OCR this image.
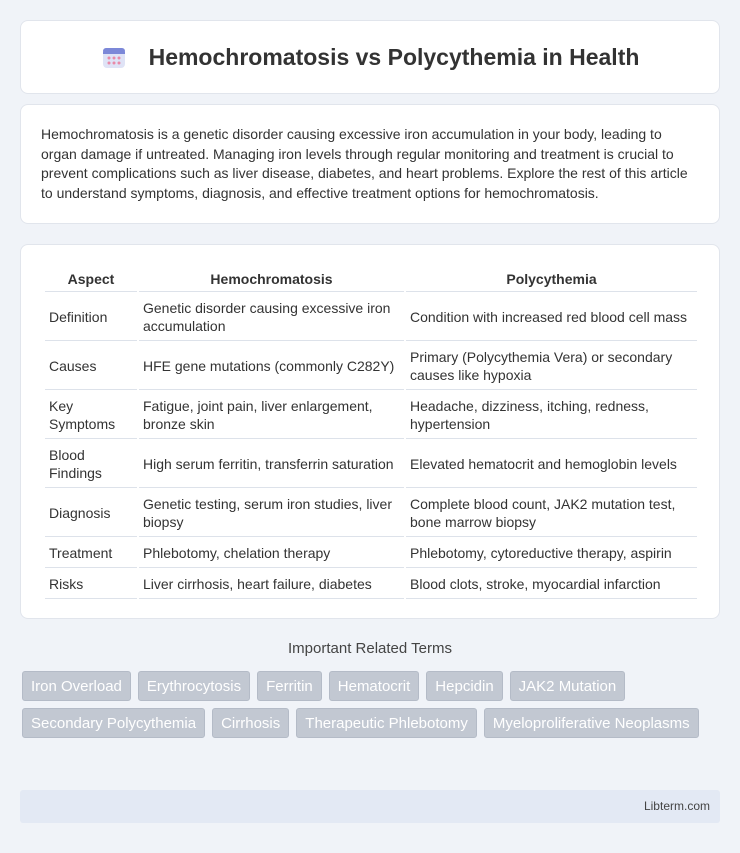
Hemochromatosis vs Polycythemia in Health

Hemochromatosis is a genetic disorder causing excessive iron accumulation in your body, leading to organ damage if untreated. Managing iron levels through regular monitoring and treatment is crucial to prevent complications such as liver disease, diabetes, and heart problems. Explore the rest of this article to understand symptoms, diagnosis, and effective treatment options for hemochromatosis.

Aspect	Hemochromatosis	Polycythemia
Definition	Genetic disorder causing excessive iron accumulation	Condition with increased red blood cell mass
Causes	HFE gene mutations (commonly C282Y)	Primary (Polycythemia Vera) or secondary causes like hypoxia
Key Symptoms	Fatigue, joint pain, liver enlargement, bronze skin	Headache, dizziness, itching, redness, hypertension
Blood Findings	High serum ferritin, transferrin saturation	Elevated hematocrit and hemoglobin levels
Diagnosis	Genetic testing, serum iron studies, liver biopsy	Complete blood count, JAK2 mutation test, bone marrow biopsy
Treatment	Phlebotomy, chelation therapy	Phlebotomy, cytoreductive therapy, aspirin
Risks	Liver cirrhosis, heart failure, diabetes	Blood clots, stroke, myocardial infarction
Important Related Terms
Iron Overload	Erythrocytosis	Ferritin	Hematocrit	Hepcidin	JAK2 Mutation
Secondary Polycythemia	Cirrhosis	Therapeutic Phlebotomy	Myeloproliferative Neoplasms
Libterm.com
